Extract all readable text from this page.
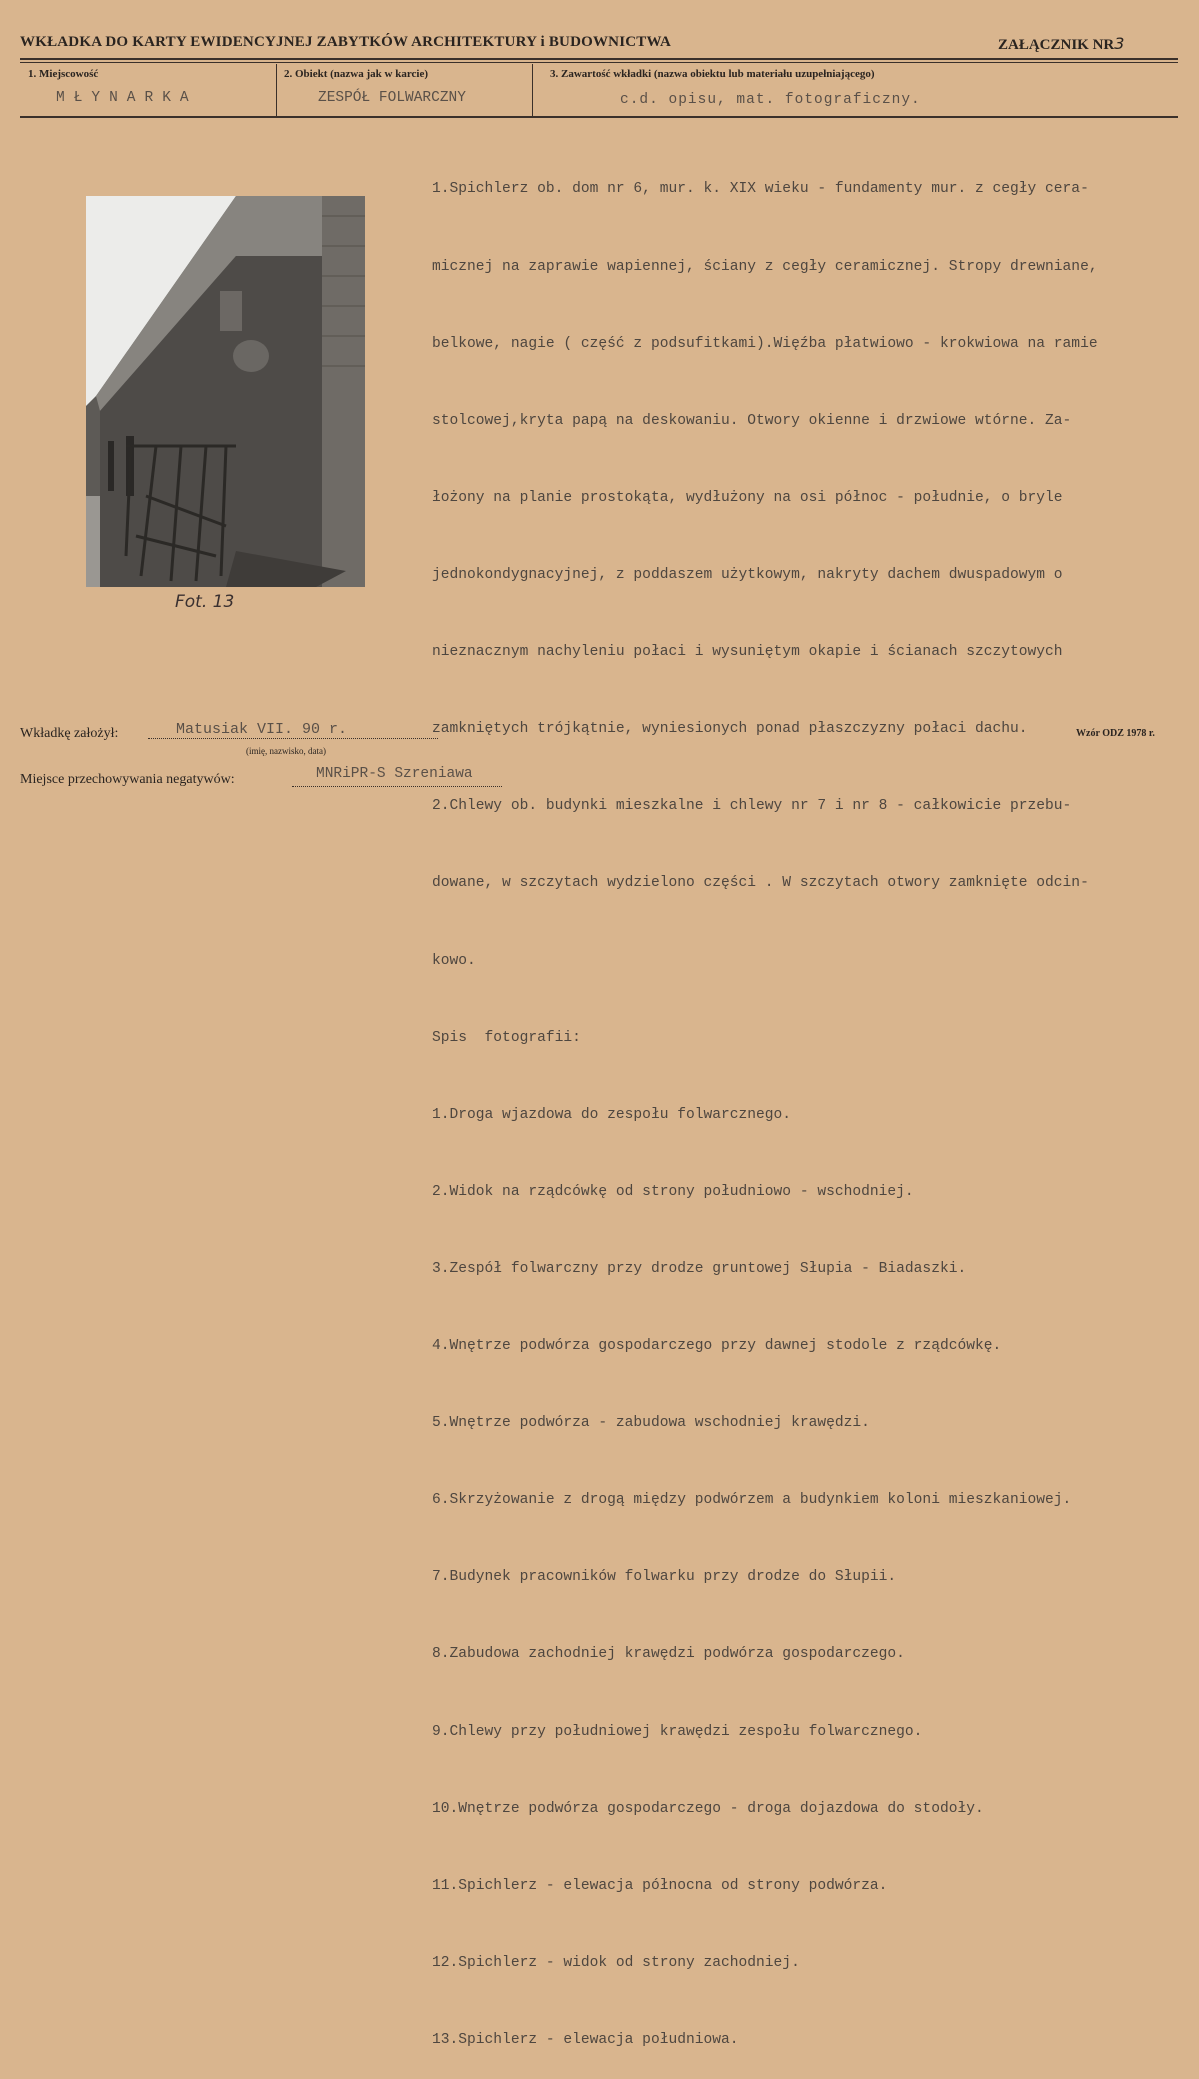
WKŁADKA DO KARTY EWIDENCYJNEJ ZABYTKÓW ARCHITEKTURY i BUDOWNICTWA	ZAŁĄCZNIK NR3
1. Miejscowość	2. Obiekt (nazwa jak w karcie)	3. Zawartość wkładki (nazwa obiektu lub materiału uzupełniającego)
MŁYNARKA	ZESPÓŁ FOLWARCZNY	c.d. opisu, mat. fotograficzny.
Fot. 13

1.Spichlerz ob. dom nr 6, mur. k. XIX wieku - fundamenty mur. z cegły cera-

micznej na zaprawie wapiennej, ściany z cegły ceramicznej. Stropy drewniane,

belkowe, nagie ( część z podsufitkami).Więźba płatwiowo - krokwiowa na ramie

stolcowej,kryta papą na deskowaniu. Otwory okienne i drzwiowe wtórne. Za-

łożony na planie prostokąta, wydłużony na osi północ - południe, o bryle

jednokondygnacyjnej, z poddaszem użytkowym, nakryty dachem dwuspadowym o

nieznacznym nachyleniu połaci i wysuniętym okapie i ścianach szczytowych

zamkniętych trójkątnie, wyniesionych ponad płaszczyzny połaci dachu.

2.Chlewy ob. budynki mieszkalne i chlewy nr 7 i nr 8 - całkowicie przebu-

dowane, w szczytach wydzielono części . W szczytach otwory zamknięte odcin-

kowo.

Spis  fotografii:

1.Droga wjazdowa do zespołu folwarcznego.

2.Widok na rządcówkę od strony południowo - wschodniej.

3.Zespół folwarczny przy drodze gruntowej Słupia - Biadaszki.

4.Wnętrze podwórza gospodarczego przy dawnej stodole z rządcówkę.

5.Wnętrze podwórza - zabudowa wschodniej krawędzi.

6.Skrzyżowanie z drogą między podwórzem a budynkiem koloni mieszkaniowej.

7.Budynek pracowników folwarku przy drodze do Słupii.

8.Zabudowa zachodniej krawędzi podwórza gospodarczego.

9.Chlewy przy południowej krawędzi zespołu folwarcznego.

10.Wnętrze podwórza gospodarczego - droga dojazdowa do stodoły.

11.Spichlerz - elewacja północna od strony podwórza.

12.Spichlerz - widok od strony zachodniej.

13.Spichlerz - elewacja południowa.

Wkładkę założył:	Matusiak VII. 90 r.
(imię, nazwisko, data)
Wzór ODZ 1978 r.
Miejsce przechowywania negatywów:	MNRiPR-S Szreniawa
